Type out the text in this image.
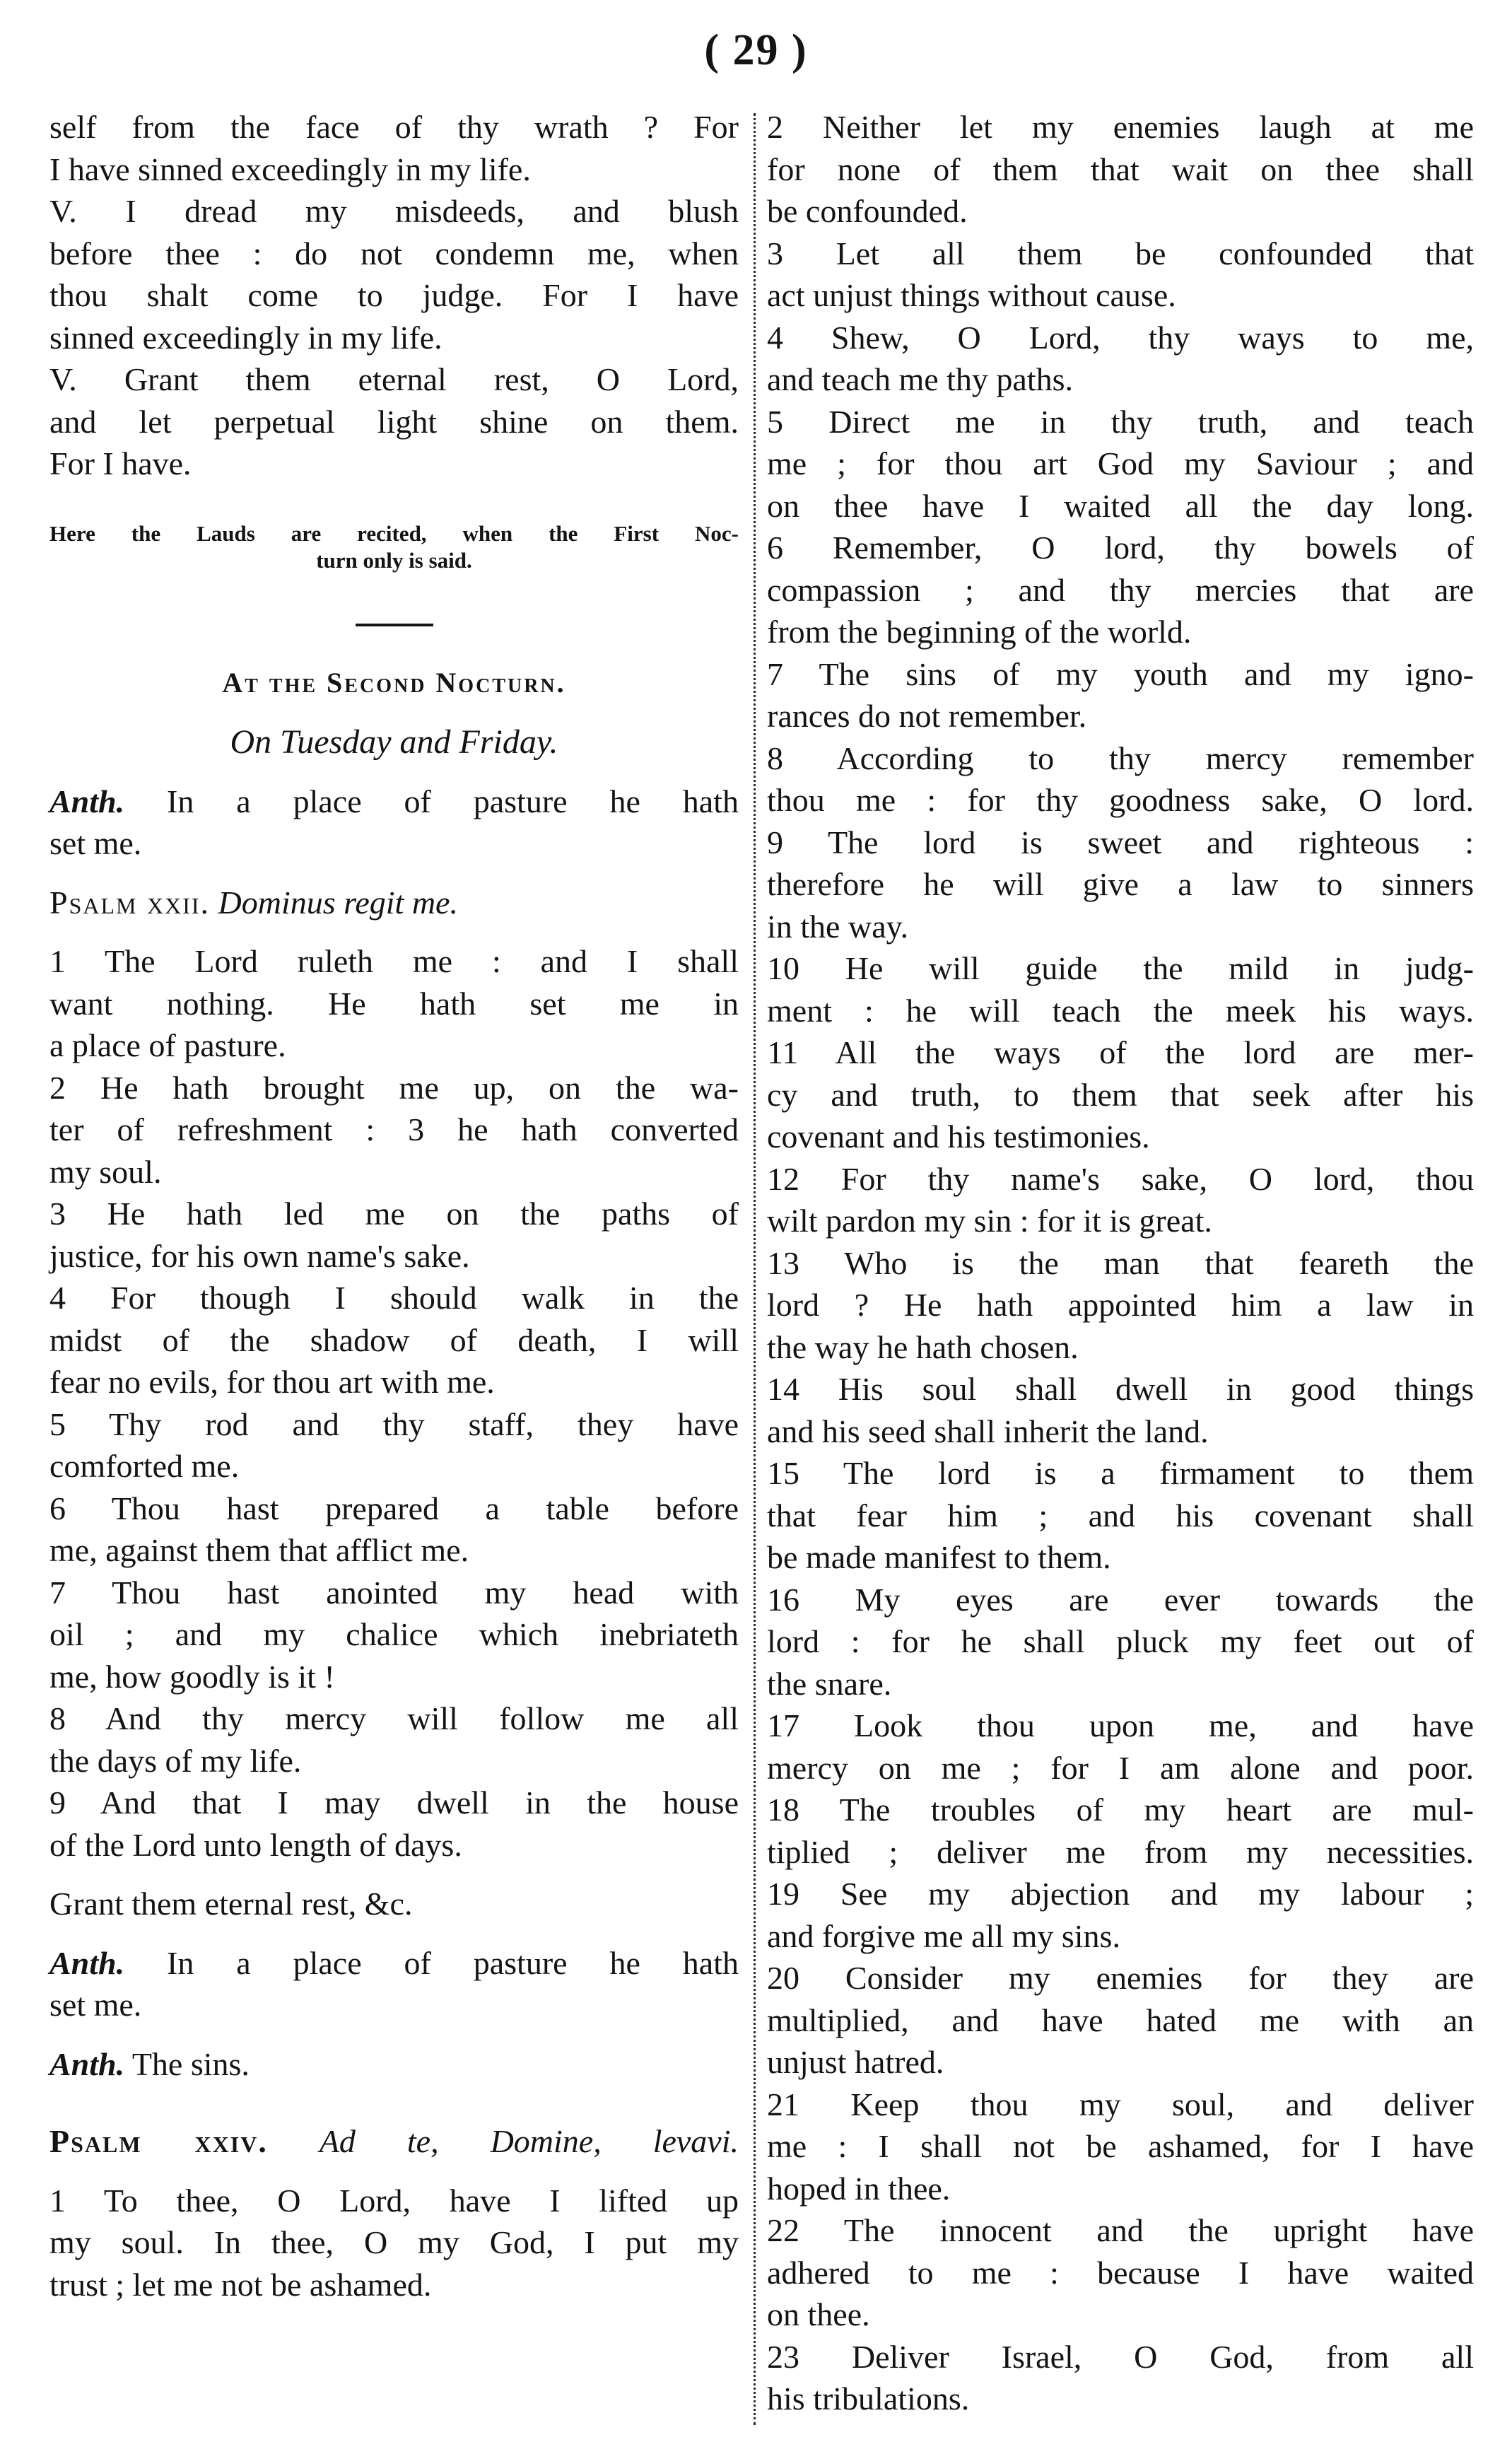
( 29 )
self from the face of thy wrath ? For
I have sinned exceedingly in my life.
V. I dread my misdeeds, and blush
before thee : do not condemn me, when
thou shalt come to judge. For I have
sinned exceedingly in my life.
V. Grant them eternal rest, O Lord,
and let perpetual light shine on them.
For I have.
Here the Lauds are recited, when the First Noc-
turn only is said.
At the Second Nocturn.
On Tuesday and Friday.
Anth. In a place of pasture he hath
set me.
Psalm xxii. Dominus regit me.
1 The Lord ruleth me : and I shall
want nothing. He hath set me in
a place of pasture.
2 He hath brought me up, on the wa-
ter of refreshment : 3 he hath converted
my soul.
3 He hath led me on the paths of
justice, for his own name's sake.
4 For though I should walk in the
midst of the shadow of death, I will
fear no evils, for thou art with me.
5 Thy rod and thy staff, they have
comforted me.
6 Thou hast prepared a table before
me, against them that afflict me.
7 Thou hast anointed my head with
oil ; and my chalice which inebriateth
me, how goodly is it !
8 And thy mercy will follow me all
the days of my life.
9 And that I may dwell in the house
of the Lord unto length of days.
Grant them eternal rest, &c.
Anth. In a place of pasture he hath
set me.
Anth. The sins.
Psalm xxiv. Ad te, Domine, levavi.
1 To thee, O Lord, have I lifted up
my soul. In thee, O my God, I put my
trust ; let me not be ashamed.
2 Neither let my enemies laugh at me
for none of them that wait on thee shall
be confounded.
3 Let all them be confounded that
act unjust things without cause.
4 Shew, O Lord, thy ways to me,
and teach me thy paths.
5 Direct me in thy truth, and teach
me ; for thou art God my Saviour ; and
on thee have I waited all the day long.
6 Remember, O lord, thy bowels of
compassion ; and thy mercies that are
from the beginning of the world.
7 The sins of my youth and my igno-
rances do not remember.
8 According to thy mercy remember
thou me : for thy goodness sake, O lord.
9 The lord is sweet and righteous :
therefore he will give a law to sinners
in the way.
10 He will guide the mild in judg-
ment : he will teach the meek his ways.
11 All the ways of the lord are mer-
cy and truth, to them that seek after his
covenant and his testimonies.
12 For thy name's sake, O lord, thou
wilt pardon my sin : for it is great.
13 Who is the man that feareth the
lord ? He hath appointed him a law in
the way he hath chosen.
14 His soul shall dwell in good things
and his seed shall inherit the land.
15 The lord is a firmament to them
that fear him ; and his covenant shall
be made manifest to them.
16 My eyes are ever towards the
lord : for he shall pluck my feet out of
the snare.
17 Look thou upon me, and have
mercy on me ; for I am alone and poor.
18 The troubles of my heart are mul-
tiplied ; deliver me from my necessities.
19 See my abjection and my labour ;
and forgive me all my sins.
20 Consider my enemies for they are
multiplied, and have hated me with an
unjust hatred.
21 Keep thou my soul, and deliver
me : I shall not be ashamed, for I have
hoped in thee.
22 The innocent and the upright have
adhered to me : because I have waited
on thee.
23 Deliver Israel, O God, from all
his tribulations.
